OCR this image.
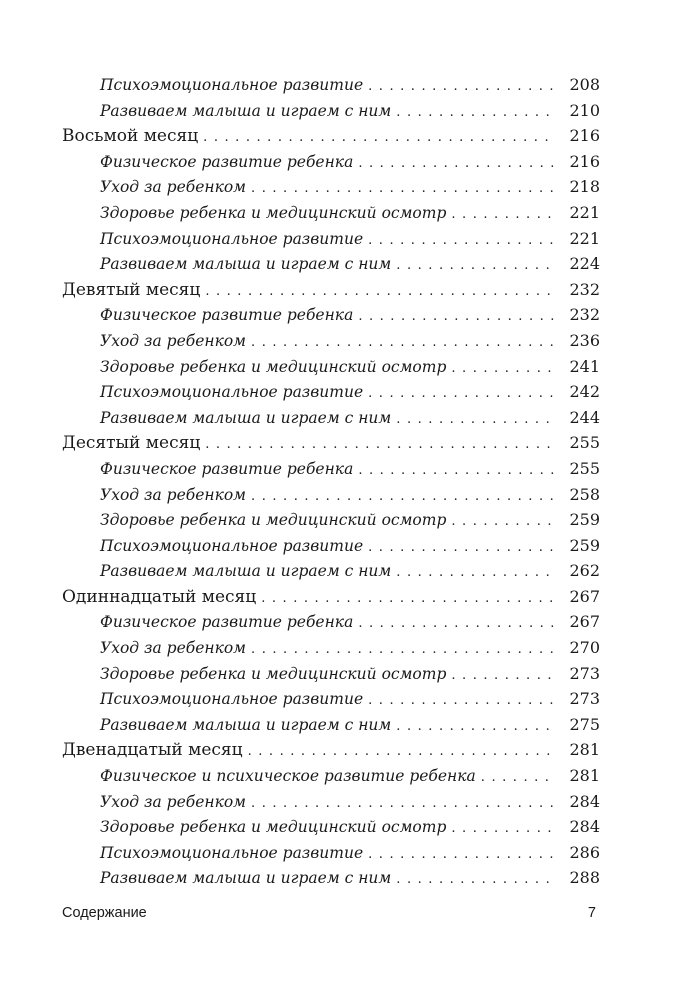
Психоэмоциональное развитие . . .	208
Развиваем малыша и играем с ним . . .	210
Восьмой месяц . . .	216
Физическое развитие ребенка . . .	216
Уход за ребенком . . .	218
Здоровье ребенка и медицинский осмотр . . .	221
Психоэмоциональное развитие . . .	221
Развиваем малыша и играем с ним . . .	224
Девятый месяц . . .	232
Физическое развитие ребенка . . .	232
Уход за ребенком . . .	236
Здоровье ребенка и медицинский осмотр . . .	241
Психоэмоциональное развитие . . .	242
Развиваем малыша и играем с ним . . .	244
Десятый месяц . . .	255
Физическое развитие ребенка . . .	255
Уход за ребенком . . .	258
Здоровье ребенка и медицинский осмотр . . .	259
Психоэмоциональное развитие . . .	259
Развиваем малыша и играем с ним . . .	262
Одиннадцатый месяц . . .	267
Физическое развитие ребенка . . .	267
Уход за ребенком . . .	270
Здоровье ребенка и медицинский осмотр . . .	273
Психоэмоциональное развитие . . .	273
Развиваем малыша и играем с ним . . .	275
Двенадцатый месяц . . .	281
Физическое и психическое развитие ребенка . . .	281
Уход за ребенком . . .	284
Здоровье ребенка и медицинский осмотр . . .	284
Психоэмоциональное развитие . . .	286
Развиваем малыша и играем с ним . . .	288
Содержание	7
